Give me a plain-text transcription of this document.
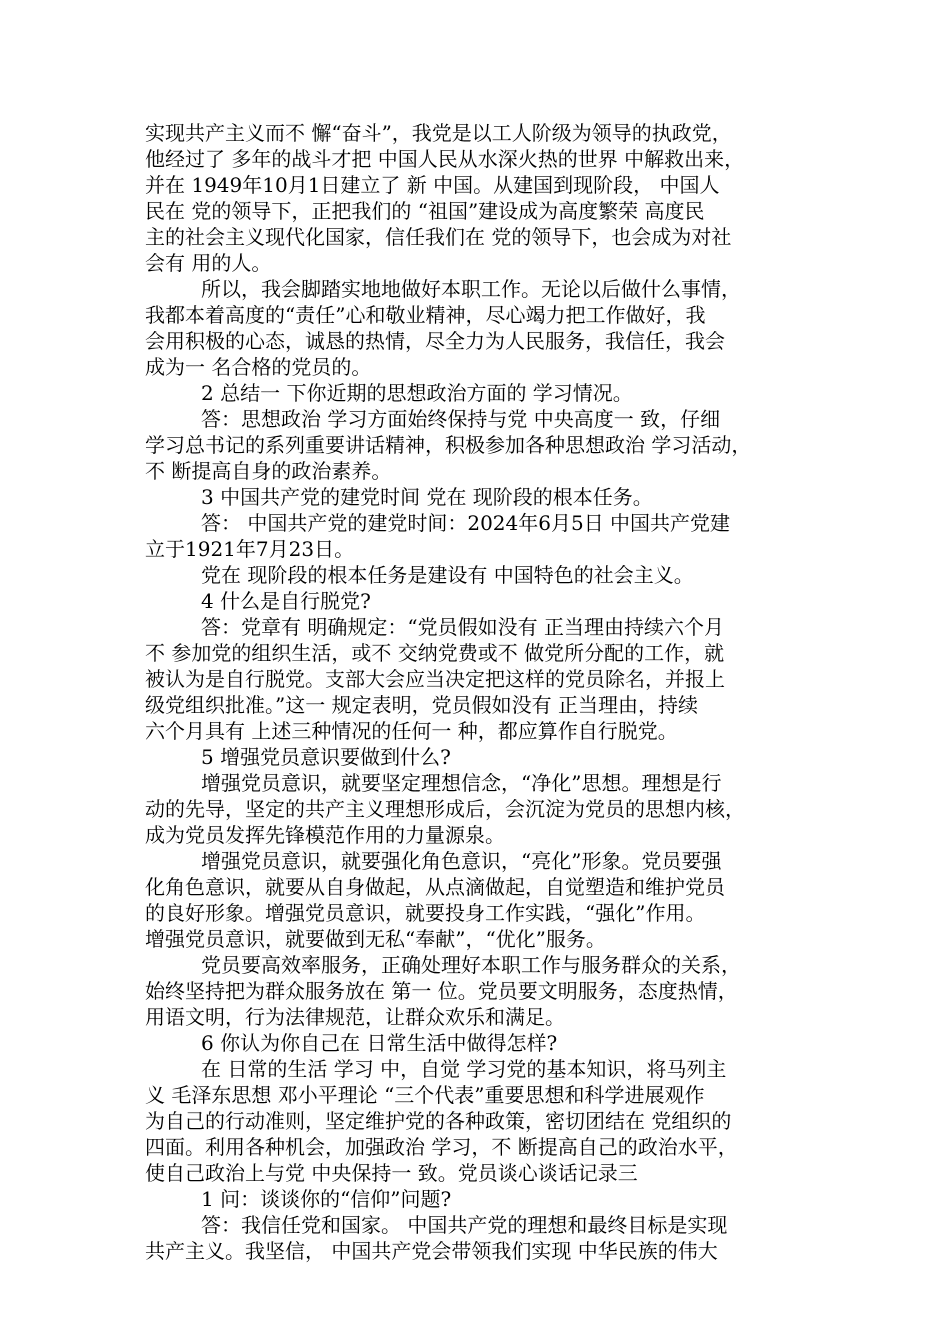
实现共产主义而不 懈“奋斗”，我党是以工人阶级为领导的执政党，
他经过了 多年的战斗才把 中国人民从水深火热的世界 中解救出来，
并在 1949年10月1日建立了 新 中国。从建国到现阶段， 中国人
民在 党的领导下，正把我们的 “祖国”建设成为高度繁荣 高度民
主的社会主义现代化国家，信任我们在 党的领导下，也会成为对社
会有 用的人。
所以，我会脚踏实地地做好本职工作。无论以后做什么事情，
我都本着高度的“责任”心和敬业精神，尽心竭力把工作做好，我
会用积极的心态，诚恳的热情，尽全力为人民服务，我信任，我会
成为一 名合格的党员的。
2 总结一 下你近期的思想政治方面的 学习情况。
答：思想政治 学习方面始终保持与党 中央高度一 致，仔细
学习总书记的系列重要讲话精神，积极参加各种思想政治 学习活动，
不 断提高自身的政治素养。
3 中国共产党的建党时间 党在 现阶段的根本任务。
答： 中国共产党的建党时间：2024年6月5日 中国共产党建
立于1921年7月23日。
党在 现阶段的根本任务是建设有 中国特色的社会主义。
4 什么是自行脱党?
答：党章有 明确规定：“党员假如没有 正当理由持续六个月
不 参加党的组织生活，或不 交纳党费或不 做党所分配的工作，就
被认为是自行脱党。支部大会应当决定把这样的党员除名，并报上
级党组织批准。”这一 规定表明，党员假如没有 正当理由，持续
六个月具有 上述三种情况的任何一 种，都应算作自行脱党。
5 增强党员意识要做到什么?
增强党员意识，就要坚定理想信念，“净化”思想。理想是行
动的先导，坚定的共产主义理想形成后，会沉淀为党员的思想内核，
成为党员发挥先锋模范作用的力量源泉。
增强党员意识，就要强化角色意识，“亮化”形象。党员要强
化角色意识，就要从自身做起，从点滴做起，自觉塑造和维护党员
的良好形象。增强党员意识，就要投身工作实践，“强化”作用。
增强党员意识，就要做到无私“奉献”，“优化”服务。
党员要高效率服务，正确处理好本职工作与服务群众的关系，
始终坚持把为群众服务放在 第一 位。党员要文明服务，态度热情，
用语文明，行为法律规范，让群众欢乐和满足。
6 你认为你自己在 日常生活中做得怎样?
在 日常的生活 学习 中，自觉 学习党的基本知识，将马列主
义 毛泽东思想 邓小平理论 “三个代表”重要思想和科学进展观作
为自己的行动准则，坚定维护党的各种政策，密切团结在 党组织的
四面。利用各种机会，加强政治 学习，不 断提高自己的政治水平，
使自己政治上与党 中央保持一 致。党员谈心谈话记录三
1 问：谈谈你的“信仰”问题?
答：我信任党和国家。 中国共产党的理想和最终目标是实现
共产主义。我坚信， 中国共产党会带领我们实现 中华民族的伟大
